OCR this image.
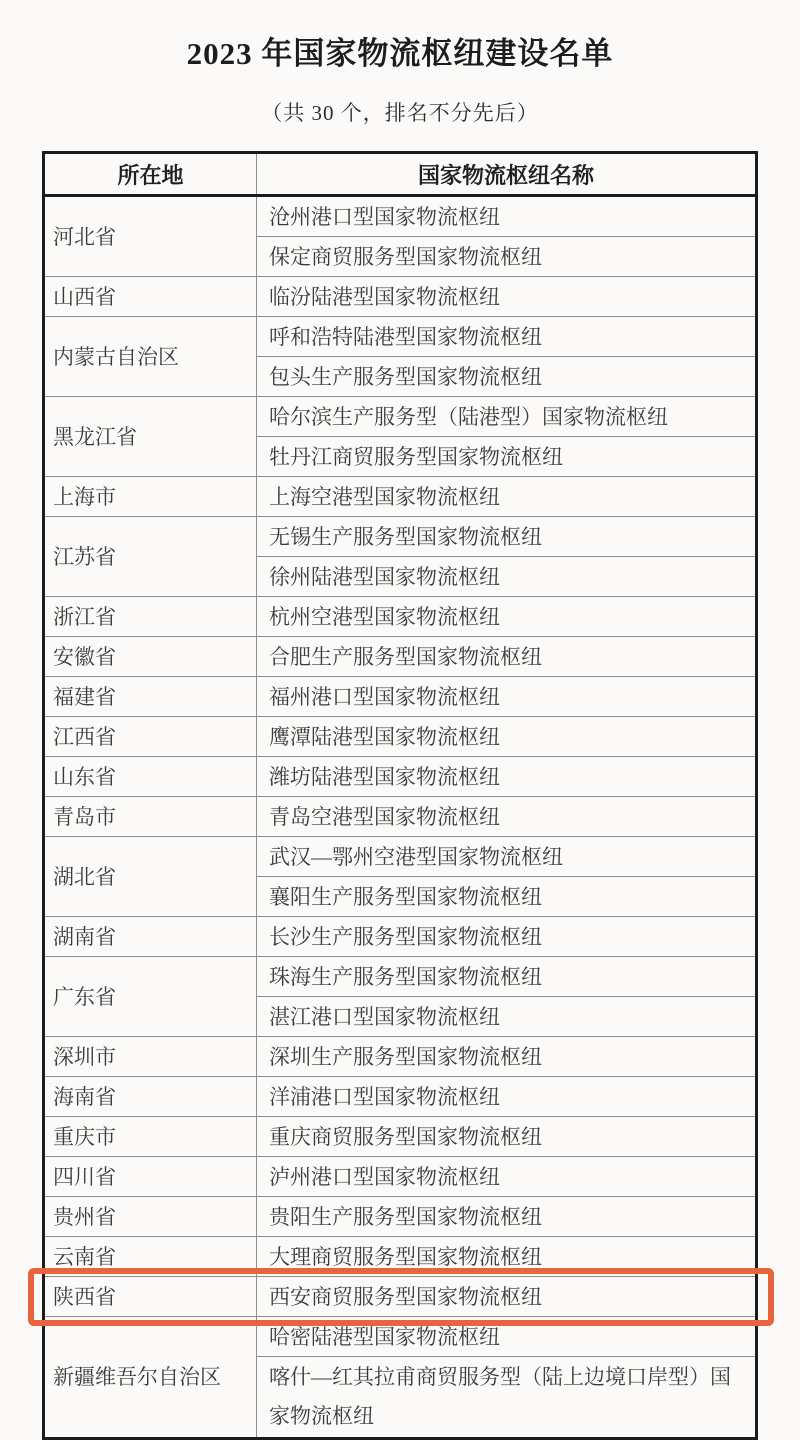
2023 年国家物流枢纽建设名单
（共 30 个，排名不分先后）
所在地	国家物流枢纽名称
河北省	沧州港口型国家物流枢纽
	保定商贸服务型国家物流枢纽
山西省	临汾陆港型国家物流枢纽
内蒙古自治区	呼和浩特陆港型国家物流枢纽
	包头生产服务型国家物流枢纽
黑龙江省	哈尔滨生产服务型（陆港型）国家物流枢纽
	牡丹江商贸服务型国家物流枢纽
上海市	上海空港型国家物流枢纽
江苏省	无锡生产服务型国家物流枢纽
	徐州陆港型国家物流枢纽
浙江省	杭州空港型国家物流枢纽
安徽省	合肥生产服务型国家物流枢纽
福建省	福州港口型国家物流枢纽
江西省	鹰潭陆港型国家物流枢纽
山东省	潍坊陆港型国家物流枢纽
青岛市	青岛空港型国家物流枢纽
湖北省	武汉—鄂州空港型国家物流枢纽
	襄阳生产服务型国家物流枢纽
湖南省	长沙生产服务型国家物流枢纽
广东省	珠海生产服务型国家物流枢纽
	湛江港口型国家物流枢纽
深圳市	深圳生产服务型国家物流枢纽
海南省	洋浦港口型国家物流枢纽
重庆市	重庆商贸服务型国家物流枢纽
四川省	泸州港口型国家物流枢纽
贵州省	贵阳生产服务型国家物流枢纽
云南省	大理商贸服务型国家物流枢纽
陕西省	西安商贸服务型国家物流枢纽
新疆维吾尔自治区	哈密陆港型国家物流枢纽
	喀什—红其拉甫商贸服务型（陆上边境口岸型）国家物流枢纽
